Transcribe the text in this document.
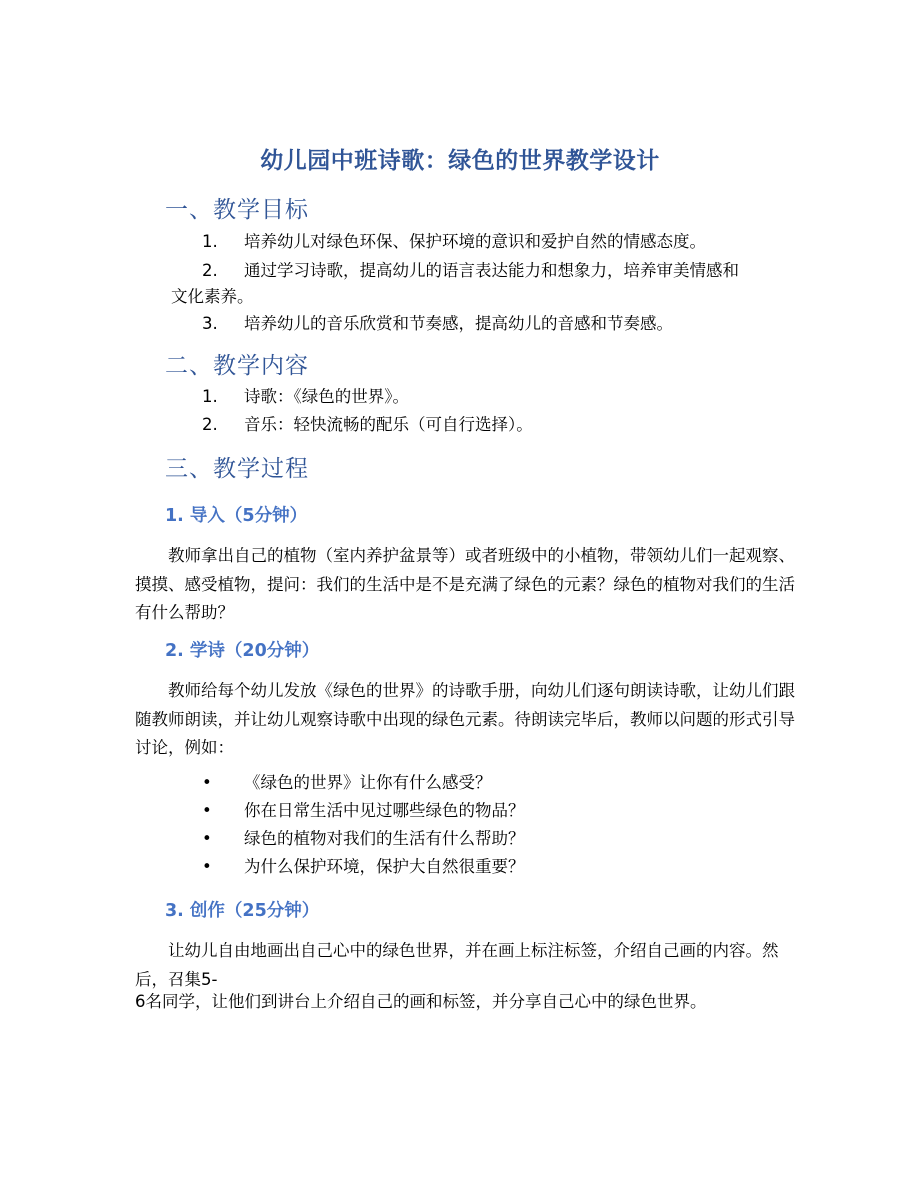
幼儿园中班诗歌：绿色的世界教学设计
一、教学目标
1.	培养幼儿对绿色环保、保护环境的意识和爱护自然的情感态度。
2.	通过学习诗歌，提高幼儿的语言表达能力和想象力，培养审美情感和
文化素养。
3.	培养幼儿的音乐欣赏和节奏感，提高幼儿的音感和节奏感。
二、教学内容
1.	诗歌：《绿色的世界》。
2.	音乐：轻快流畅的配乐（可自行选择）。
三、教学过程
1. 导入（5分钟）
教师拿出自己的植物（室内养护盆景等）或者班级中的小植物，带领幼儿们一起观察、摸摸、感受植物，提问：我们的生活中是不是充满了绿色的元素？绿色的植物对我们的生活有什么帮助？
2. 学诗（20分钟）
教师给每个幼儿发放《绿色的世界》的诗歌手册，向幼儿们逐句朗读诗歌，让幼儿们跟随教师朗读，并让幼儿观察诗歌中出现的绿色元素。待朗读完毕后，教师以问题的形式引导讨论，例如：
•	《绿色的世界》让你有什么感受？
•	你在日常生活中见过哪些绿色的物品？
•	绿色的植物对我们的生活有什么帮助？
•	为什么保护环境，保护大自然很重要？
3. 创作（25分钟）
让幼儿自由地画出自己心中的绿色世界，并在画上标注标签，介绍自己画的内容。然后，召集5-
6名同学，让他们到讲台上介绍自己的画和标签，并分享自己心中的绿色世界。
